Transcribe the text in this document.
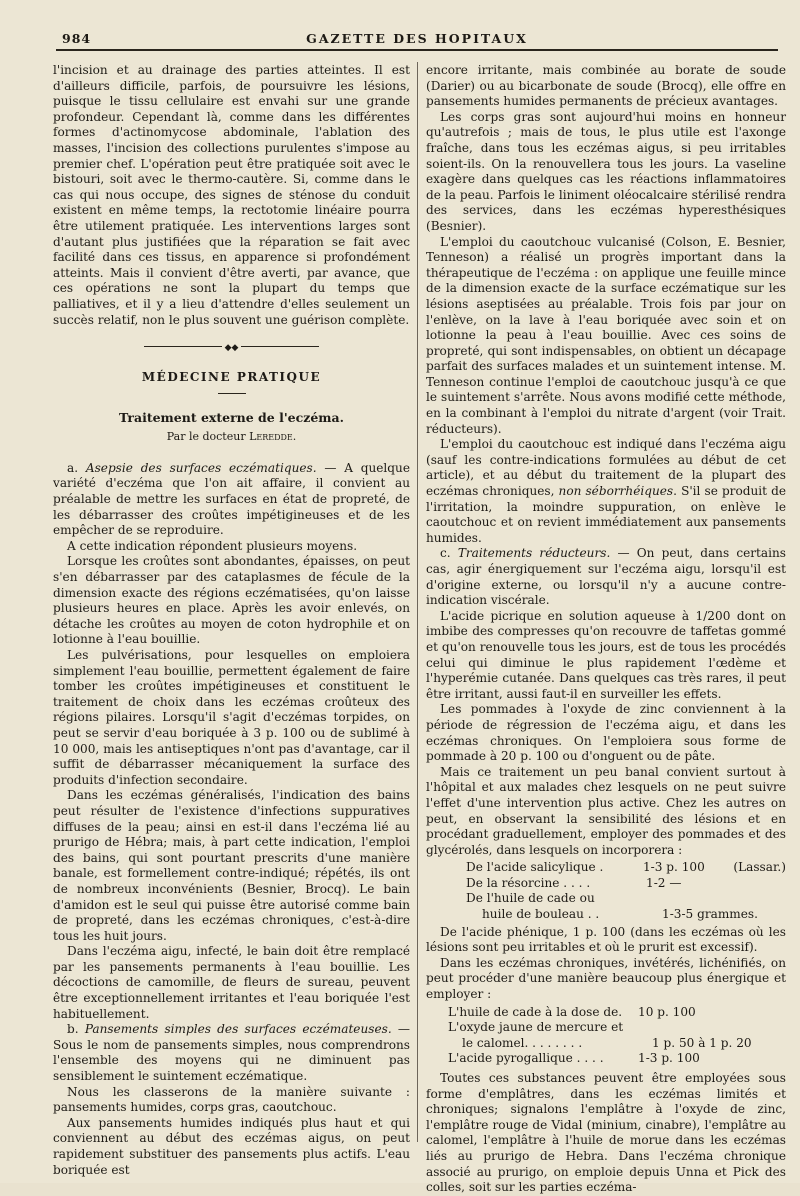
984	GAZETTE DES HOPITAUX

l'incision et au drainage des parties atteintes. Il est d'ailleurs difficile, parfois, de poursuivre les lésions, puisque le tissu cellulaire est envahi sur une grande profondeur. Cependant là, comme dans les différentes formes d'actinomycose abdominale, l'ablation des masses, l'incision des collections purulentes s'impose au premier chef. L'opération peut être pratiquée soit avec le bistouri, soit avec le thermo-cautère. Si, comme dans le cas qui nous occupe, des signes de sténose du conduit existent en même temps, la rectotomie linéaire pourra être utilement pratiquée. Les interventions larges sont d'autant plus justifiées que la réparation se fait avec facilité dans ces tissus, en apparence si profondément atteints. Mais il convient d'être averti, par avance, que ces opérations ne sont la plupart du temps que palliatives, et il y a lieu d'attendre d'elles seulement un succès relatif, non le plus souvent une guérison complète.

◆◆
MÉDECINE PRATIQUE
Traitement externe de l'eczéma.
Par le docteur Leredde.

a. Asepsie des surfaces eczématiques. — A quelque variété d'eczéma que l'on ait affaire, il convient au préalable de mettre les surfaces en état de propreté, de les débarrasser des croûtes impétigineuses et de les empêcher de se reproduire.

A cette indication répondent plusieurs moyens.

Lorsque les croûtes sont abondantes, épaisses, on peut s'en débarrasser par des cataplasmes de fécule de la dimension exacte des régions eczématisées, qu'on laisse plusieurs heures en place. Après les avoir enlevés, on détache les croûtes au moyen de coton hydrophile et on lotionne à l'eau bouillie.

Les pulvérisations, pour lesquelles on emploiera simplement l'eau bouillie, permettent également de faire tomber les croûtes impétigineuses et constituent le traitement de choix dans les eczémas croûteux des régions pilaires. Lorsqu'il s'agit d'eczémas torpides, on peut se servir d'eau boriquée à 3 p. 100 ou de sublimé à 10 000, mais les antiseptiques n'ont pas d'avantage, car il suffit de débarrasser mécaniquement la surface des produits d'infection secondaire.

Dans les eczémas généralisés, l'indication des bains peut résulter de l'existence d'infections suppuratives diffuses de la peau; ainsi en est-il dans l'eczéma lié au prurigo de Hébra; mais, à part cette indication, l'emploi des bains, qui sont pourtant prescrits d'une manière banale, est formellement contre-indiqué; répétés, ils ont de nombreux inconvénients (Besnier, Brocq). Le bain d'amidon est le seul qui puisse être autorisé comme bain de propreté, dans les eczémas chroniques, c'est-à-dire tous les huit jours.

Dans l'eczéma aigu, infecté, le bain doit être remplacé par les pansements permanents à l'eau bouillie. Les décoctions de camomille, de fleurs de sureau, peuvent être exceptionnellement irritantes et l'eau boriquée l'est habituellement.

b. Pansements simples des surfaces eczémateuses. — Sous le nom de pansements simples, nous comprendrons l'ensemble des moyens qui ne diminuent pas sensiblement le suintement eczématique.

Nous les classerons de la manière suivante : pansements humides, corps gras, caoutchouc.

Aux pansements humides indiqués plus haut et qui conviennent au début des eczémas aigus, on peut rapidement substituer des pansements plus actifs. L'eau boriquée est

encore irritante, mais combinée au borate de soude (Darier) ou au bicarbonate de soude (Brocq), elle offre en pansements humides permanents de précieux avantages.

Les corps gras sont aujourd'hui moins en honneur qu'autrefois ; mais de tous, le plus utile est l'axonge fraîche, dans tous les eczémas aigus, si peu irritables soient-ils. On la renouvellera tous les jours. La vaseline exagère dans quelques cas les réactions inflammatoires de la peau. Parfois le liniment oléocalcaire stérilisé rendra des services, dans les eczémas hyperesthésiques (Besnier).

L'emploi du caoutchouc vulcanisé (Colson, E. Besnier, Tenneson) a réalisé un progrès important dans la thérapeutique de l'eczéma : on applique une feuille mince de la dimension exacte de la surface eczématique sur les lésions aseptisées au préalable. Trois fois par jour on l'enlève, on la lave à l'eau boriquée avec soin et on lotionne la peau à l'eau bouillie. Avec ces soins de propreté, qui sont indispensables, on obtient un décapage parfait des surfaces malades et un suintement intense. M. Tenneson continue l'emploi de caoutchouc jusqu'à ce que le suintement s'arrête. Nous avons modifié cette méthode, en la combinant à l'emploi du nitrate d'argent (voir Trait. réducteurs).

L'emploi du caoutchouc est indiqué dans l'eczéma aigu (sauf les contre-indications formulées au début de cet article), et au début du traitement de la plupart des eczémas chroniques, non séborrhéiques. S'il se produit de l'irritation, la moindre suppuration, on enlève le caoutchouc et on revient immédiatement aux pansements humides.

c. Traitements réducteurs. — On peut, dans certains cas, agir énergiquement sur l'eczéma aigu, lorsqu'il est d'origine externe, ou lorsqu'il n'y a aucune contre-indication viscérale.

L'acide picrique en solution aqueuse à 1/200 dont on imbibe des compresses qu'on recouvre de taffetas gommé et qu'on renouvelle tous les jours, est de tous les procédés celui qui diminue le plus rapidement l'œdème et l'hyperémie cutanée. Dans quelques cas très rares, il peut être irritant, aussi faut-il en surveiller les effets.

Les pommades à l'oxyde de zinc conviennent à la période de régression de l'eczéma aigu, et dans les eczémas chroniques. On l'emploiera sous forme de pommade à 20 p. 100 ou d'onguent ou de pâte.

Mais ce traitement un peu banal convient surtout à l'hôpital et aux malades chez lesquels on ne peut suivre l'effet d'une intervention plus active. Chez les autres on peut, en observant la sensibilité des lésions et en procédant graduellement, employer des pommades et des glycérolés, dans lesquels on incorporera :

De l'acide salicylique .	1-3 p. 100	(Lassar.)
De la résorcine . . . .	1-2 —
De l'huile de cade ou
huile de bouleau . .	1-3-5 grammes.

De l'acide phénique, 1 p. 100 (dans les eczémas où les lésions sont peu irritables et où le prurit est excessif).

Dans les eczémas chroniques, invétérés, lichénifiés, on peut procéder d'une manière beaucoup plus énergique et employer :

L'huile de cade à la dose de.	10 p. 100
L'oxyde jaune de mercure et
le calomel. . . . . . . .	1 p. 50 à 1 p. 20
L'acide pyrogallique . . . .	1-3 p. 100

Toutes ces substances peuvent être employées sous forme d'emplâtres, dans les eczémas limités et chroniques; signalons l'emplâtre à l'oxyde de zinc, l'emplâtre rouge de Vidal (minium, cinabre), l'emplâtre au calomel, l'emplâtre à l'huile de morue dans les eczémas liés au prurigo de Hebra. Dans l'eczéma chronique associé au prurigo, on emploie depuis Unna et Pick des colles, soit sur les parties eczéma-
